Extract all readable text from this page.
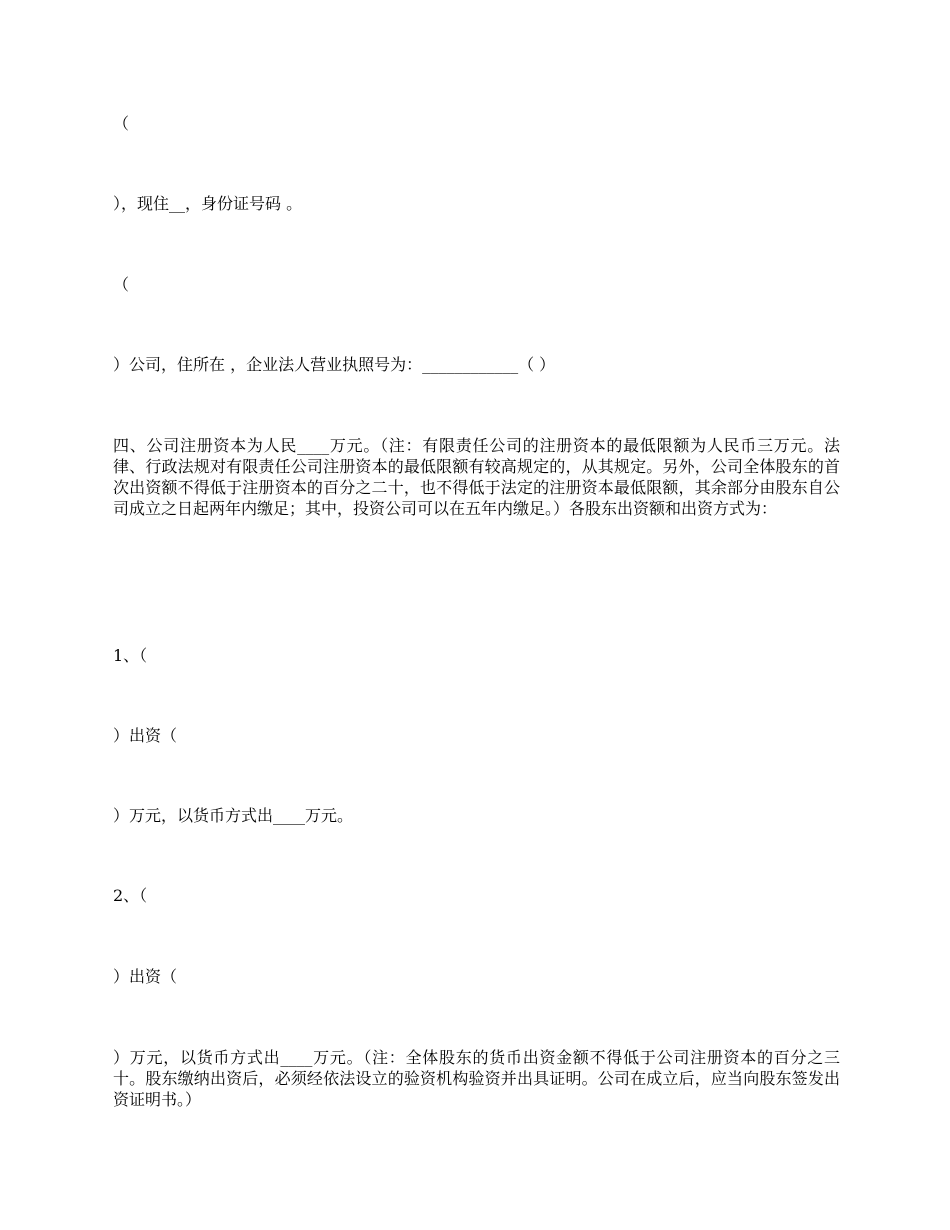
（
），现住__，身份证号码 。
（
）公司，住所在 ，企业法人营业执照号为：____________（ ）
四、公司注册资本为人民____万元。（注：有限责任公司的注册资本的最低限额为人民币三万元。法律、行政法规对有限责任公司注册资本的最低限额有较高规定的，从其规定。另外，公司全体股东的首次出资额不得低于注册资本的百分之二十，也不得低于法定的注册资本最低限额，其余部分由股东自公司成立之日起两年内缴足；其中，投资公司可以在五年内缴足。）各股东出资额和出资方式为：
1、（
）出资（
）万元，以货币方式出____万元。
2、（
）出资（
）万元，以货币方式出____万元。（注：全体股东的货币出资金额不得低于公司注册资本的百分之三十。股东缴纳出资后，必须经依法设立的验资机构验资并出具证明。公司在成立后，应当向股东签发出资证明书。）
